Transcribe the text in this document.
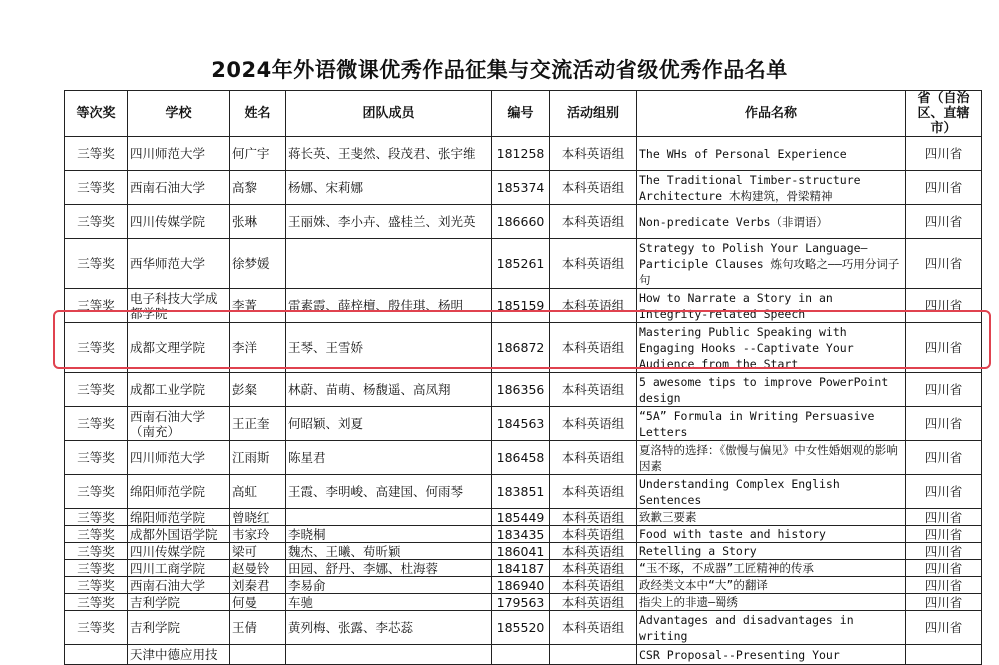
2024年外语微课优秀作品征集与交流活动省级优秀作品名单
等次奖	学校	姓名	团队成员	编号	活动组别	作品名称	省（自治区、直辖市）
三等奖	四川师范大学	何广宇	蒋长英、王斐然、段茂君、张宇维	181258	本科英语组	The WHs of Personal Experience	四川省
三等奖	西南石油大学	高黎	杨娜、宋莉娜	185374	本科英语组	The Traditional Timber-structure Architecture 木构建筑，骨梁精神	四川省
三等奖	四川传媒学院	张琳	王丽姝、李小卉、盛桂兰、刘光英	186660	本科英语组	Non-predicate Verbs（非谓语）	四川省
三等奖	西华师范大学	徐梦媛		185261	本科英语组	Strategy to Polish Your Language—Participle Clauses 炼句攻略之——巧用分词子句	四川省
三等奖	电子科技大学成都学院	李菁	雷素霞、薛梓檀、殷佳琪、杨明	185159	本科英语组	How to Narrate a Story in an Integrity-related Speech	四川省
三等奖	成都文理学院	李洋	王琴、王雪娇	186872	本科英语组	Mastering Public Speaking with Engaging Hooks --Captivate Your Audience from the Start	四川省
三等奖	成都工业学院	彭粲	林蔚、苗萌、杨馥遥、高凤翔	186356	本科英语组	5 awesome tips to improve PowerPoint design	四川省
三等奖	西南石油大学（南充）	王正奎	何昭颖、刘夏	184563	本科英语组	“5A” Formula in Writing Persuasive Letters	四川省
三等奖	四川师范大学	江雨斯	陈星君	186458	本科英语组	夏洛特的选择：《傲慢与偏见》中女性婚姻观的影响因素	四川省
三等奖	绵阳师范学院	高虹	王霞、李明峻、高建国、何雨琴	183851	本科英语组	Understanding Complex English Sentences	四川省
三等奖	绵阳师范学院	曾晓红		185449	本科英语组	致歉三要素	四川省
三等奖	成都外国语学院	韦家玲	李晓桐	183435	本科英语组	Food with taste and history	四川省
三等奖	四川传媒学院	梁可	魏杰、王曦、荀昕颖	186041	本科英语组	Retelling a Story	四川省
三等奖	四川工商学院	赵曼铃	田园、舒丹、李娜、杜海蓉	184187	本科英语组	“玉不琢，不成器”工匠精神的传承	四川省
三等奖	西南石油大学	刘秦君	李易俞	186940	本科英语组	政经类文本中“大”的翻译	四川省
三等奖	吉利学院	何曼	车驰	179563	本科英语组	指尖上的非遗—蜀绣	四川省
三等奖	吉利学院	王倩	黄列梅、张露、李芯蕊	185520	本科英语组	Advantages and disadvantages in writing	四川省
	天津中德应用技					CSR Proposal--Presenting Your	
